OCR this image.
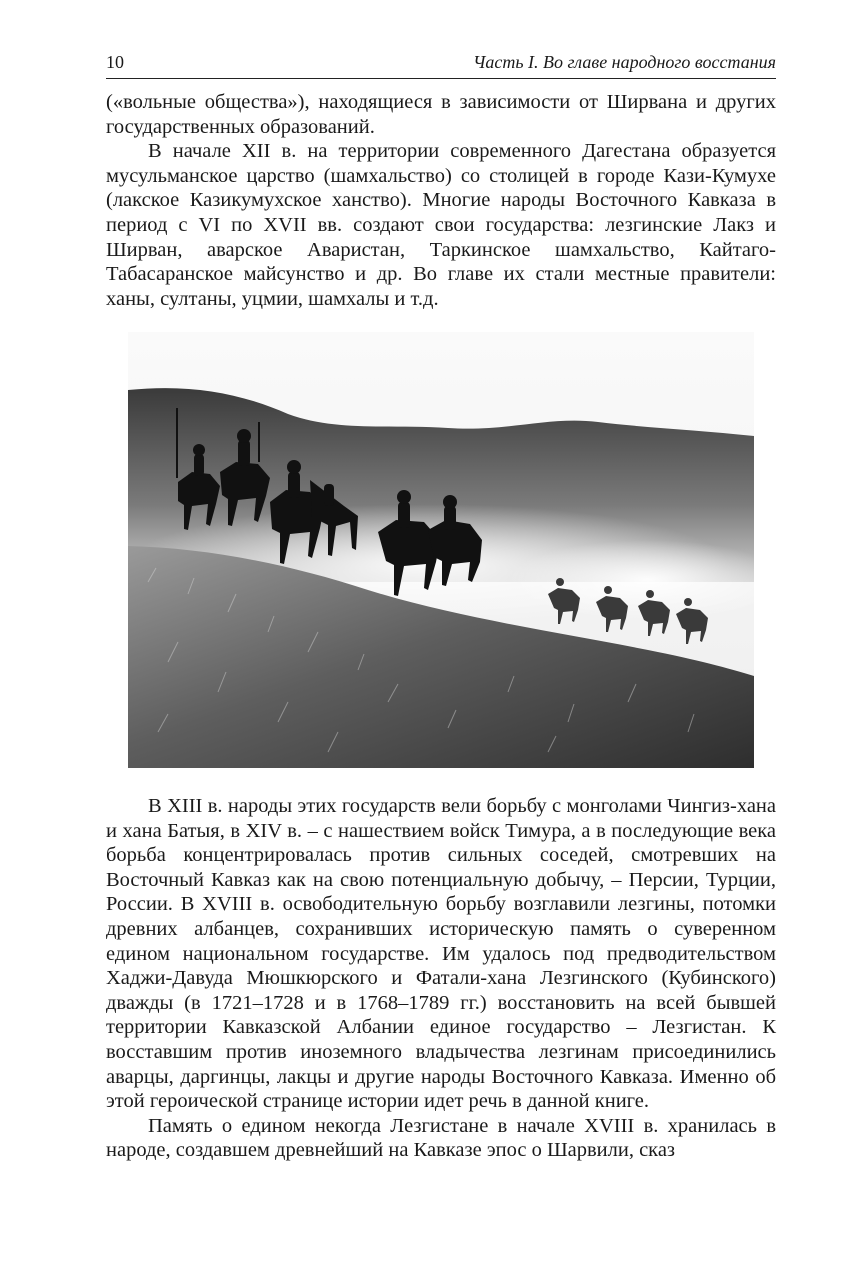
10	Часть I. Во главе народного восстания

(«вольные общества»), находящиеся в зависимости от Ширвана и других государственных образований.

В начале XII в. на территории современного Дагестана образуется мусульманское царство (шамхальство) со столицей в городе Кази-Кумухе (лакское Казикумухское ханство). Многие народы Восточного Кавказа в период с VI по XVII вв. создают свои государства: лезгинские Лакз и Ширван, аварское Аваристан, Таркинское шамхальство, Кайтаго-Табасаранское майсунство и др. Во главе их стали местные правители: ханы, султаны, уцмии, шамхалы и т.д.

В XIII в. народы этих государств вели борьбу с монголами Чингиз-хана и хана Батыя, в XIV в. – с нашествием войск Тимура, а в последующие века борьба концентрировалась против сильных соседей, смотревших на Восточный Кавказ как на свою потенциальную добычу, – Персии, Турции, России. В XVIII в. освободительную борьбу возглавили лезгины, потомки древних албанцев, сохранивших историческую память о суверенном едином национальном государстве. Им удалось под предводительством Хаджи-Давуда Мюшкюрского и Фатали-хана Лезгинского (Кубинского) дважды (в 1721–1728 и в 1768–1789 гг.) восстановить на всей бывшей территории Кавказской Албании единое государство – Лезгистан. К восставшим против иноземного владычества лезгинам присоединились аварцы, даргинцы, лакцы и другие народы Восточного Кавказа. Именно об этой героической странице истории идет речь в данной книге.

Память о едином некогда Лезгистане в начале XVIII в. хранилась в народе, создавшем древнейший на Кавказе эпос о Шарвили, сказ
